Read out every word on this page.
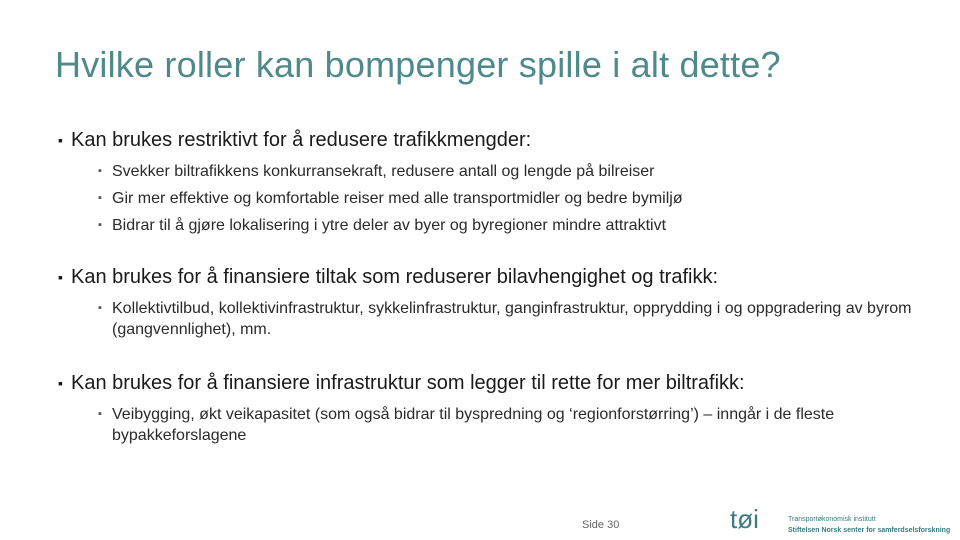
Hvilke roller kan bompenger spille i alt dette?
▪ Kan brukes restriktivt for å redusere trafikkmengder:
▪ Svekker biltrafikkens konkurransekraft, redusere antall og lengde på bilreiser
▪ Gir mer effektive og komfortable reiser med alle transportmidler og bedre bymiljø
▪ Bidrar til å gjøre lokalisering i ytre deler av byer og byregioner mindre attraktivt
▪ Kan brukes for å finansiere tiltak som reduserer bilavhengighet og trafikk:
▪ Kollektivtilbud, kollektivinfrastruktur, sykkelinfrastruktur, ganginfrastruktur, opprydding i og oppgradering av byrom (gangvennlighet), mm.
▪ Kan brukes for å finansiere infrastruktur som legger til rette for mer biltrafikk:
▪ Veibygging, økt veikapasitet (som også bidrar til byspredning og ‘regionforstørring’) – inngår i de fleste bypakkeforslagene
Side 30	tøi	Transportøkonomisk institutt
Stiftelsen Norsk senter for samferdselsforskning
